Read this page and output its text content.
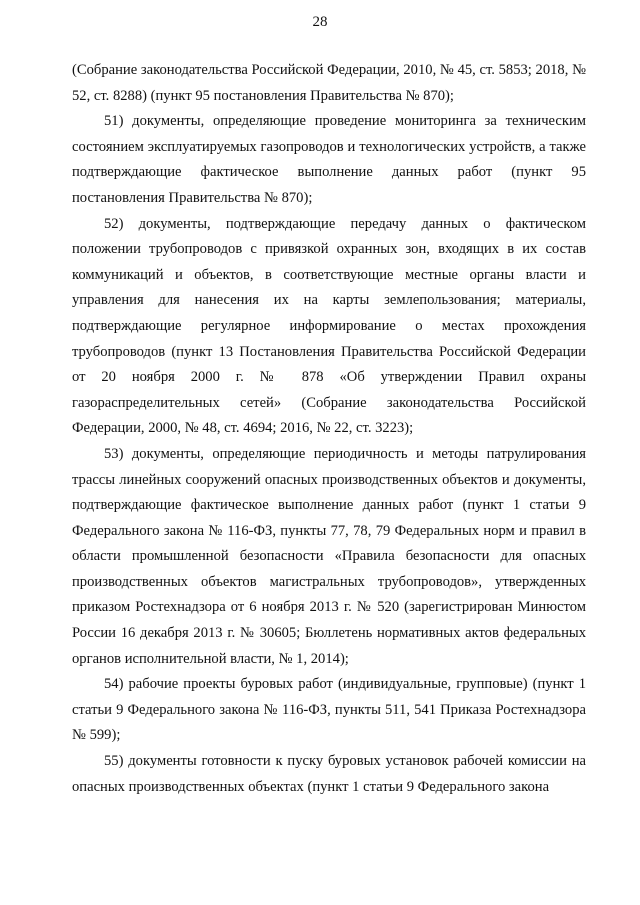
28

(Собрание законодательства Российской Федерации, 2010, № 45, ст. 5853; 2018, № 52, ст. 8288) (пункт 95 постановления Правительства № 870);

51) документы, определяющие проведение мониторинга за техническим состоянием эксплуатируемых газопроводов и технологических устройств, а также подтверждающие фактическое выполнение данных работ (пункт 95 постановления Правительства № 870);

52) документы, подтверждающие передачу данных о фактическом положении трубопроводов с привязкой охранных зон, входящих в их состав коммуникаций и объектов, в соответствующие местные органы власти и управления для нанесения их на карты землепользования; материалы, подтверждающие регулярное информирование о местах прохождения трубопроводов (пункт 13 Постановления Правительства Российской Федерации от 20 ноября 2000 г. № 878 «Об утверждении Правил охраны газораспределительных сетей» (Собрание законодательства Российской Федерации, 2000, № 48, ст. 4694; 2016, № 22, ст. 3223);

53) документы, определяющие периодичность и методы патрулирования трассы линейных сооружений опасных производственных объектов и документы, подтверждающие фактическое выполнение данных работ (пункт 1 статьи 9 Федерального закона № 116-ФЗ, пункты 77, 78, 79 Федеральных норм и правил в области промышленной безопасности «Правила безопасности для опасных производственных объектов магистральных трубопроводов», утвержденных приказом Ростехнадзора от 6 ноября 2013 г. № 520 (зарегистрирован Минюстом России 16 декабря 2013 г. № 30605; Бюллетень нормативных актов федеральных органов исполнительной власти, № 1, 2014);

54) рабочие проекты буровых работ (индивидуальные, групповые) (пункт 1 статьи 9 Федерального закона № 116-ФЗ, пункты 511, 541 Приказа Ростехнадзора № 599);

55) документы готовности к пуску буровых установок рабочей комиссии на опасных производственных объектах (пункт 1 статьи 9 Федерального закона
